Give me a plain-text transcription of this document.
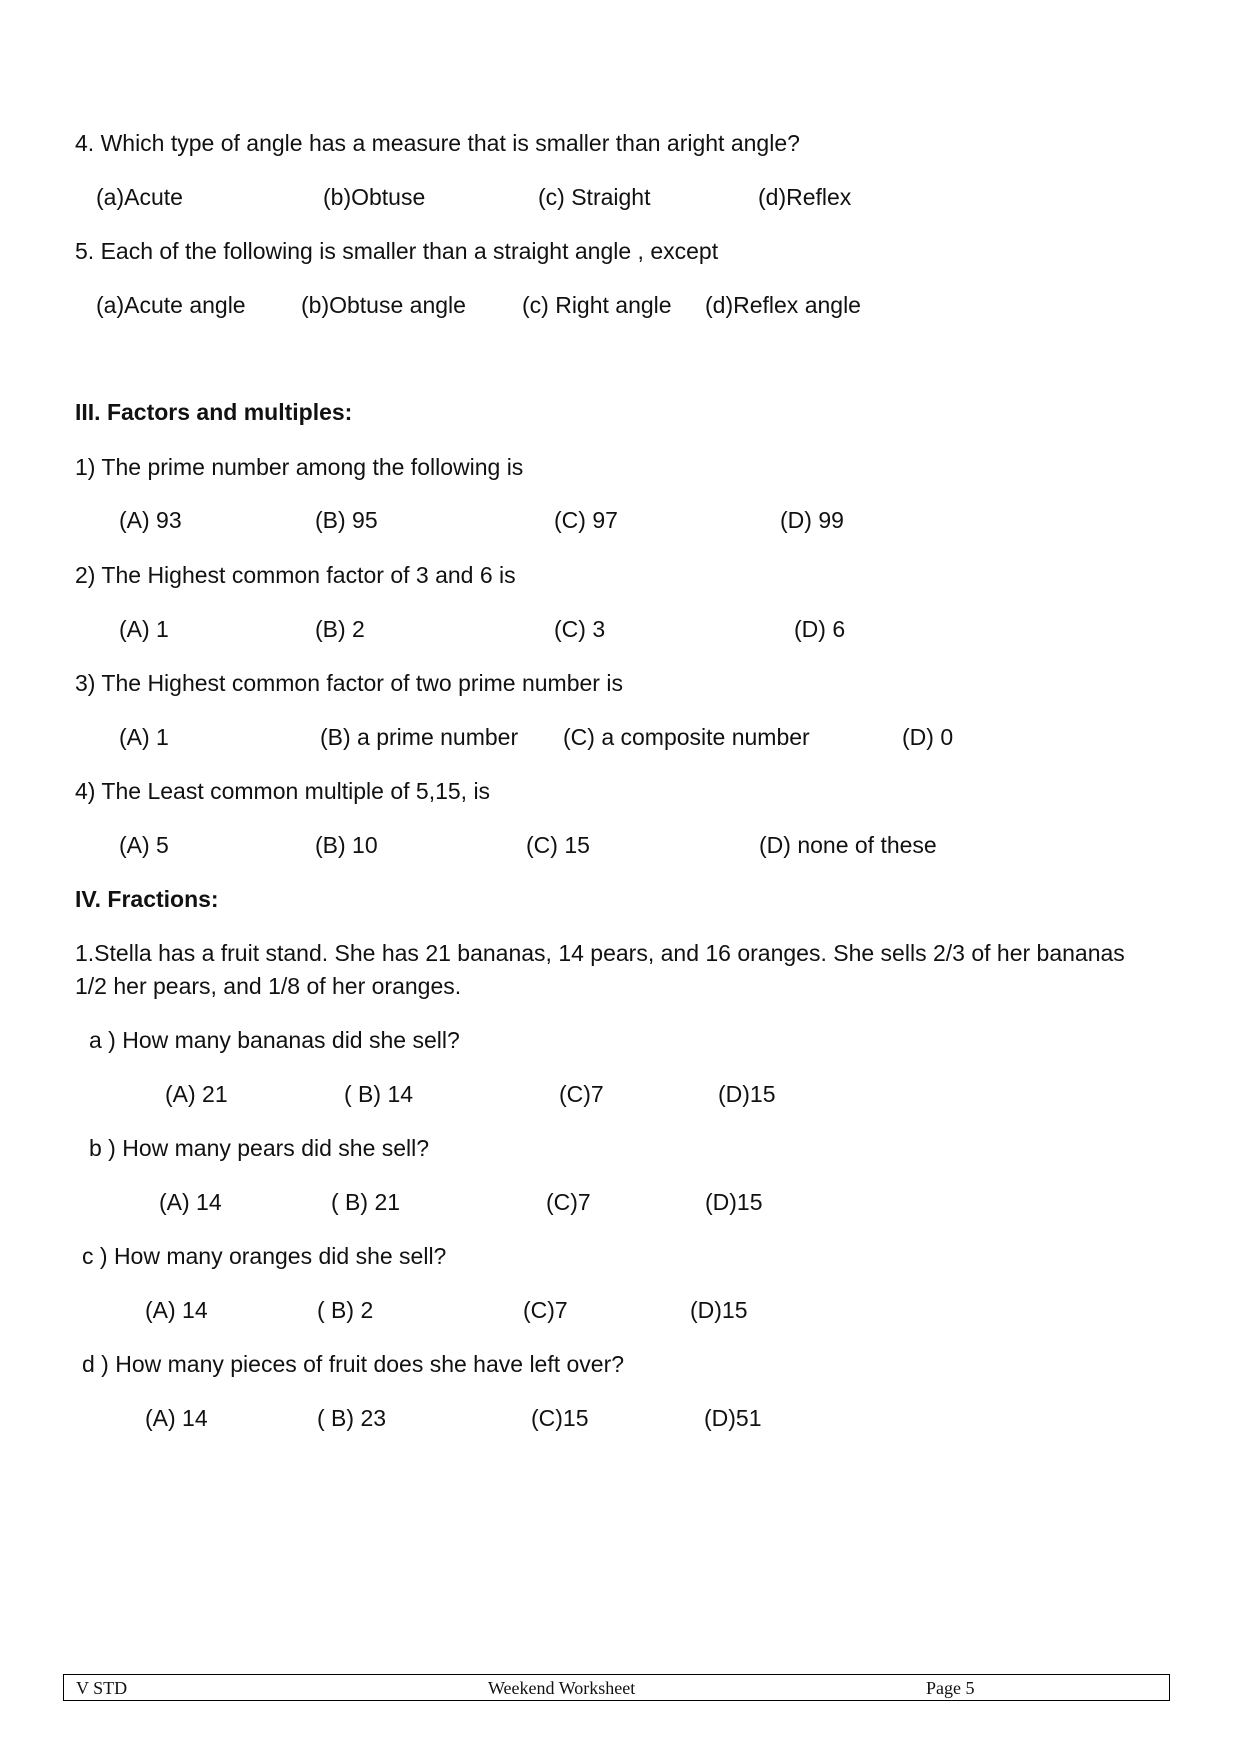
4. Which type of angle has a measure that is smaller than aright angle?
(a)Acute	(b)Obtuse	(c) Straight	(d)Reflex
5. Each of the following is smaller than a straight angle , except
(a)Acute angle (b)Obtuse angle (c) Right angle (d)Reflex angle
III. Factors and multiples:
1) The prime number among the following is
(A) 93	(B) 95	(C) 97	(D) 99
2) The Highest common factor of 3 and 6 is
(A) 1	(B) 2	(C) 3	(D) 6
3) The Highest common factor of two prime number is
(A) 1	(B) a prime number (C) a composite number	(D) 0
4) The Least common multiple of 5,15, is
(A) 5	(B) 10	(C) 15	(D) none of these
IV. Fractions:
1.Stella has a fruit stand. She has 21 bananas, 14 pears, and 16 oranges. She sells 2/3 of her bananas 1/2 her pears, and 1/8 of her oranges.
a ) How many bananas did she sell?
(A) 21	( B) 14	(C)7	(D)15
b ) How many pears did she sell?
(A) 14	( B) 21	(C)7	(D)15
c ) How many oranges did she sell?
(A) 14	( B) 2	(C)7	(D)15
d ) How many pieces of fruit does she have left over?
(A) 14	( B) 23	(C)15	(D)51
V STD	Weekend Worksheet	Page 5
